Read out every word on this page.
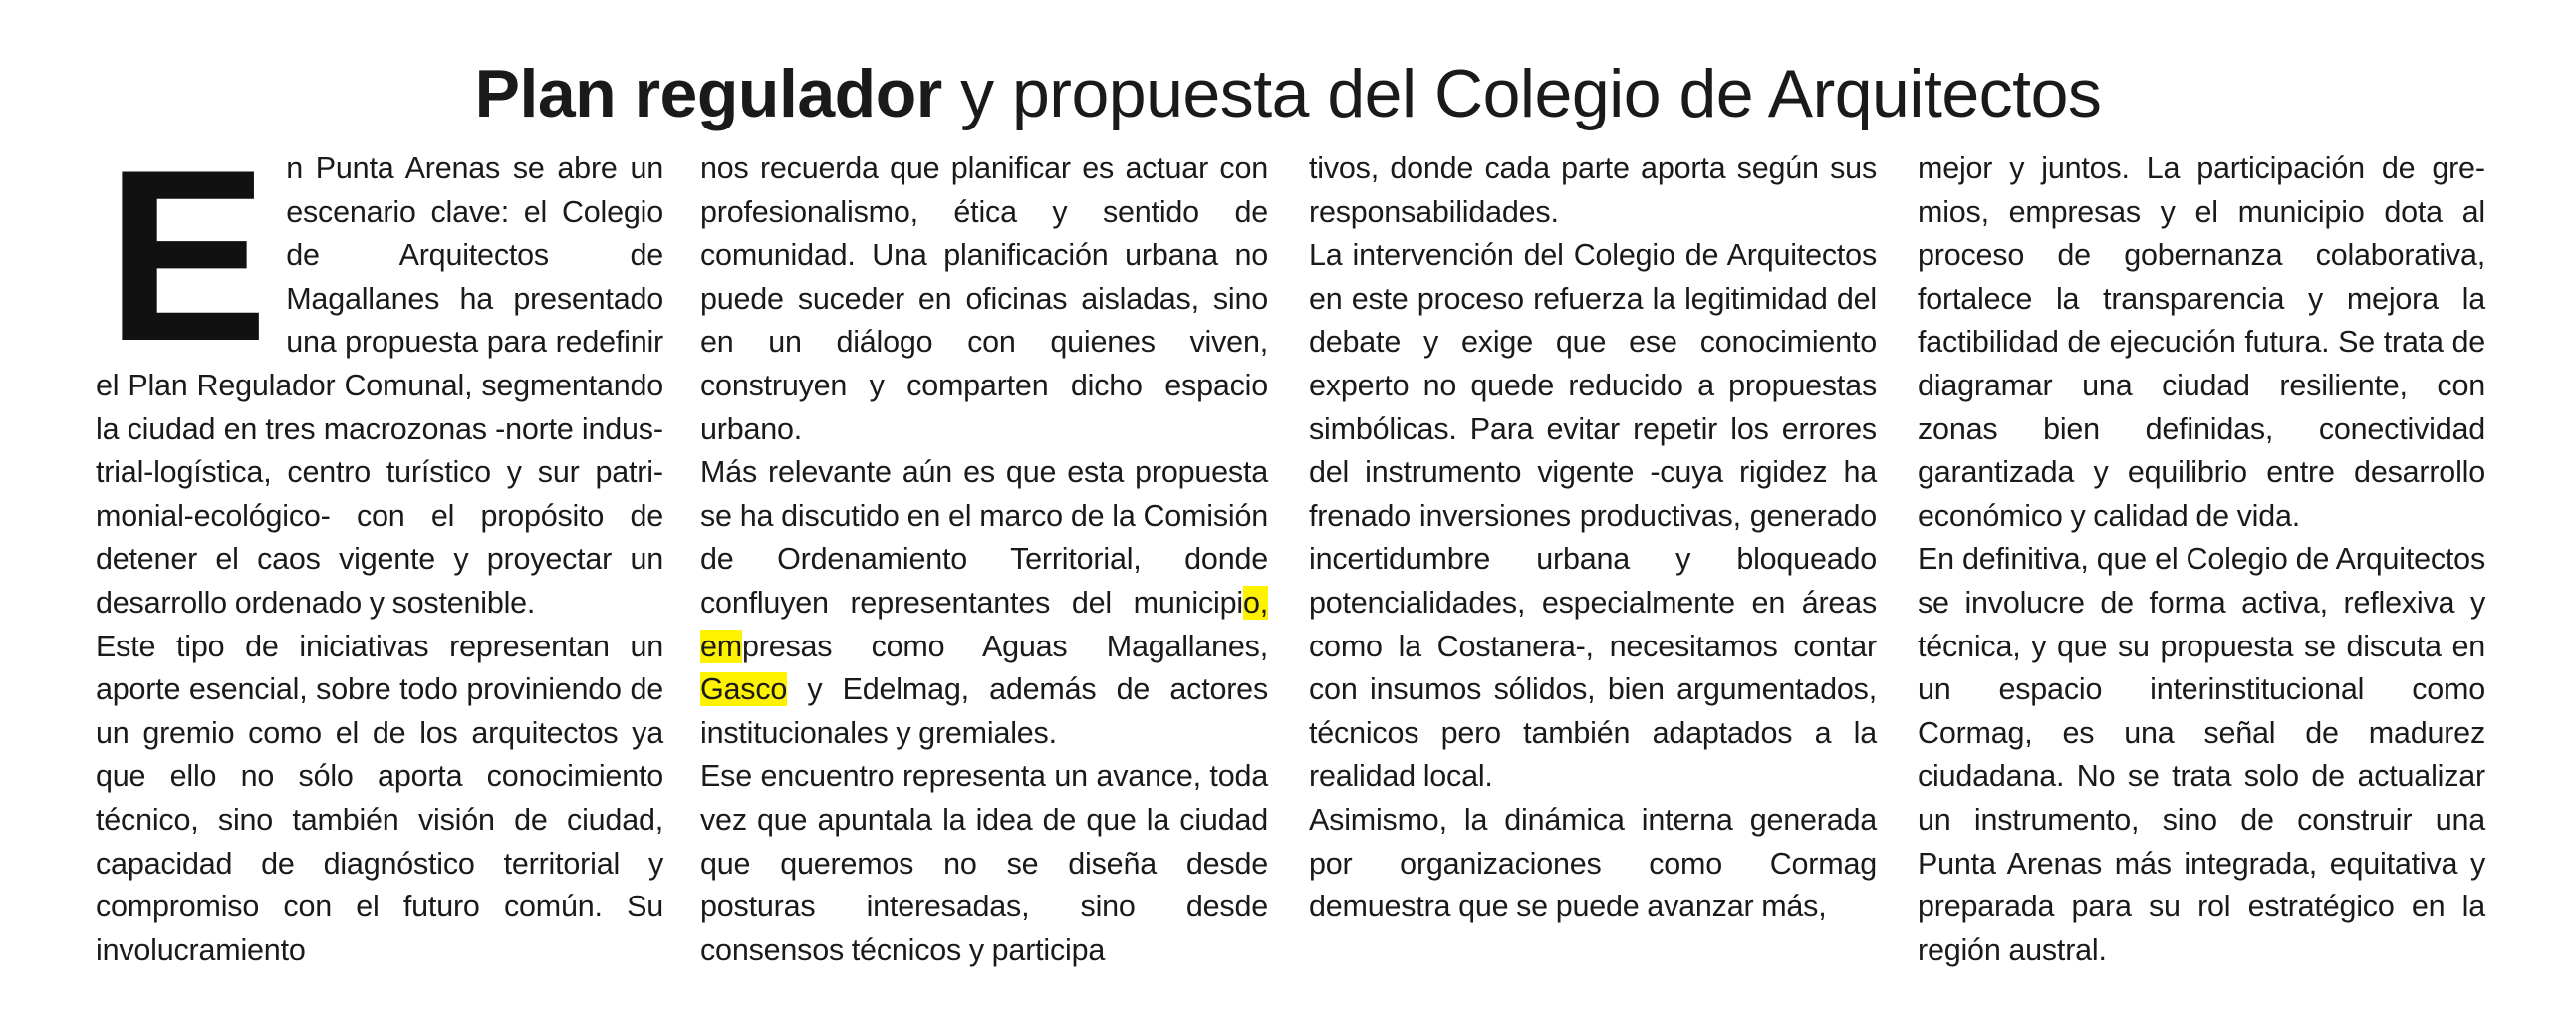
Plan regulador y propuesta del Colegio de Arquitectos
E n Punta Arenas se abre un escenario clave: el Colegio de Arquitectos de Magallanes ha presentado una propuesta para redefinir el Plan Regulador Comunal, segmentando la ciudad en tres macrozonas -norte industrial-logística, centro turístico y sur patrimonial-ecológico- con el propósito de detener el caos vigente y proyectar un desarrollo ordenado y sostenible.

Este tipo de iniciativas representan un aporte esencial, sobre todo proviniendo de un gremio como el de los arquitectos ya que ello no sólo aporta conocimiento técnico, sino también visión de ciudad, capacidad de diagnóstico territorial y compromiso con el futuro común. Su involucramiento

nos recuerda que planificar es actuar con profesionalismo, ética y sentido de comunidad. Una planificación urbana no puede suceder en oficinas aisladas, sino en un diálogo con quienes viven, construyen y comparten dicho espacio urbano.

Más relevante aún es que esta propuesta se ha discutido en el marco de la Comisión de Ordenamiento Territorial, donde confluyen representantes del municipio, empresas como Aguas Magallanes, Gasco y Edelmag, además de actores institucionales y gremiales.

Ese encuentro representa un avance, toda vez que apuntala la idea de que la ciudad que queremos no se diseña desde posturas interesadas, sino desde consensos técnicos y participa

tivos, donde cada parte aporta según sus responsabilidades.

La intervención del Colegio de Arquitectos en este proceso refuerza la legitimidad del debate y exige que ese conocimiento experto no quede reducido a propuestas simbólicas. Para evitar repetir los errores del instrumento vigente -cuya rigidez ha frenado inversiones productivas, generado incertidumbre urbana y bloqueado potencialidades, especialmente en áreas como la Costanera-, necesitamos contar con insumos sólidos, bien argumentados, técnicos pero también adaptados a la realidad local.

Asimismo, la dinámica interna generada por organizaciones como Cormag demuestra que se puede avanzar más,

mejor y juntos. La participación de gremios, empresas y el municipio dota al proceso de gobernanza colaborativa, fortalece la transparencia y mejora la factibilidad de ejecución futura. Se trata de diagramar una ciudad resiliente, con zonas bien definidas, conectividad garantizada y equilibrio entre desarrollo económico y calidad de vida.

En definitiva, que el Colegio de Arquitectos se involucre de forma activa, reflexiva y técnica, y que su propuesta se discuta en un espacio interinstitucional como Cormag, es una señal de madurez ciudadana. No se trata solo de actualizar un instrumento, sino de construir una Punta Arenas más integrada, equitativa y preparada para su rol estratégico en la región austral.
